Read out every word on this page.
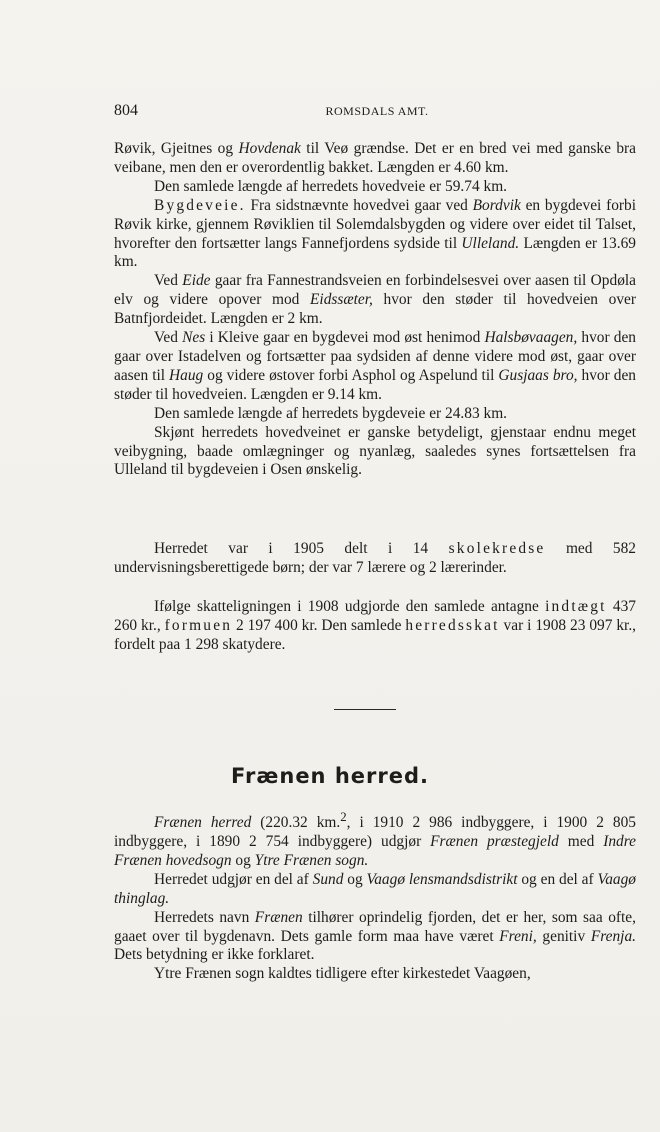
804	ROMSDALS AMT.

Røvik, Gjeitnes og Hovdenak til Veø grændse. Det er en bred vei med ganske bra veibane, men den er overordentlig bakket. Længden er 4.60 km.

Den samlede længde af herredets hovedveie er 59.74 km.

Bygdeveie. Fra sidstnævnte hovedvei gaar ved Bordvik en bygdevei forbi Røvik kirke, gjennem Røviklien til Solemdalsbygden og videre over eidet til Talset, hvorefter den fortsætter langs Fannefjordens sydside til Ulleland. Længden er 13.69 km.

Ved Eide gaar fra Fannestrandsveien en forbindelsesvei over aasen til Opdøla elv og videre opover mod Eidssæter, hvor den støder til hovedveien over Batnfjordeidet. Længden er 2 km.

Ved Nes i Kleive gaar en bygdevei mod øst henimod Halsbøvaagen, hvor den gaar over Istadelven og fortsætter paa sydsiden af denne videre mod øst, gaar over aasen til Haug og videre østover forbi Asphol og Aspelund til Gusjaas bro, hvor den støder til hovedveien. Længden er 9.14 km.

Den samlede længde af herredets bygdeveie er 24.83 km.

Skjønt herredets hovedveinet er ganske betydeligt, gjenstaar endnu meget veibygning, baade omlægninger og nyanlæg, saaledes synes fortsættelsen fra Ulleland til bygdeveien i Osen ønskelig.

Herredet var i 1905 delt i 14 skolekredse med 582 undervisningsberettigede børn; der var 7 lærere og 2 lærerinder.

Ifølge skatteligningen i 1908 udgjorde den samlede antagne indtægt 437 260 kr., formuen 2 197 400 kr. Den samlede herredsskat var i 1908 23 097 kr., fordelt paa 1 298 skatydere.

Frænen herred.

Frænen herred (220.32 km.$^2$, i 1910 2 986 indbyggere, i 1900 2 805 indbyggere, i 1890 2 754 indbyggere) udgjør Frænen præstegjeld med Indre Frænen hovedsogn og Ytre Frænen sogn.

Herredet udgjør en del af Sund og Vaagø lensmandsdistrikt og en del af Vaagø thinglag.

Herredets navn Frænen tilhører oprindelig fjorden, det er her, som saa ofte, gaaet over til bygdenavn. Dets gamle form maa have været Freni, genitiv Frenja. Dets betydning er ikke forklaret.

Ytre Frænen sogn kaldtes tidligere efter kirkestedet Vaagøen,
